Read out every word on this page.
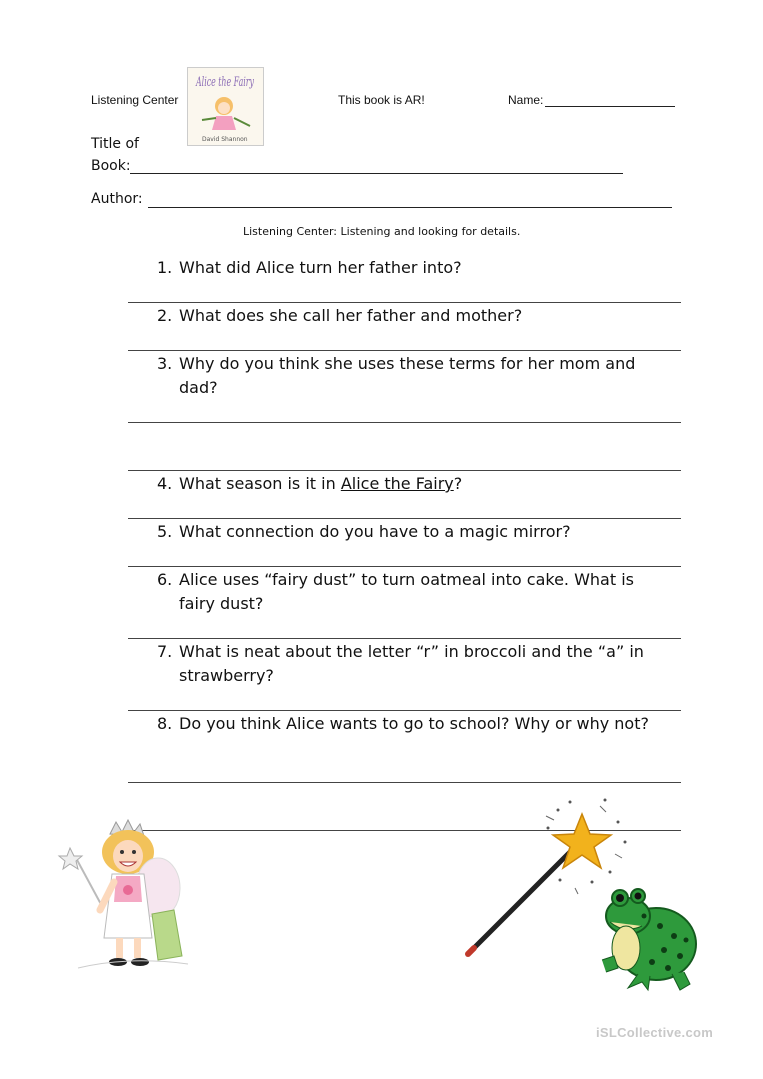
Listening Center
Alice the Fairy
David Shannon
This book is AR!	Name:
Title of
Book:
Author:
Listening Center: Listening and looking for details.
1. What did Alice turn her father into?
2. What does she call her father and mother?
3. Why do you think she uses these terms for her mom and dad?
4. What season is it in Alice the Fairy?
5. What connection do you have to a magic mirror?
6. Alice uses “fairy dust” to turn oatmeal into cake. What is fairy dust?
7. What is neat about the letter “r” in broccoli and the “a” in strawberry?
8. Do you think Alice wants to go to school? Why or why not?
iSLCollective.com
